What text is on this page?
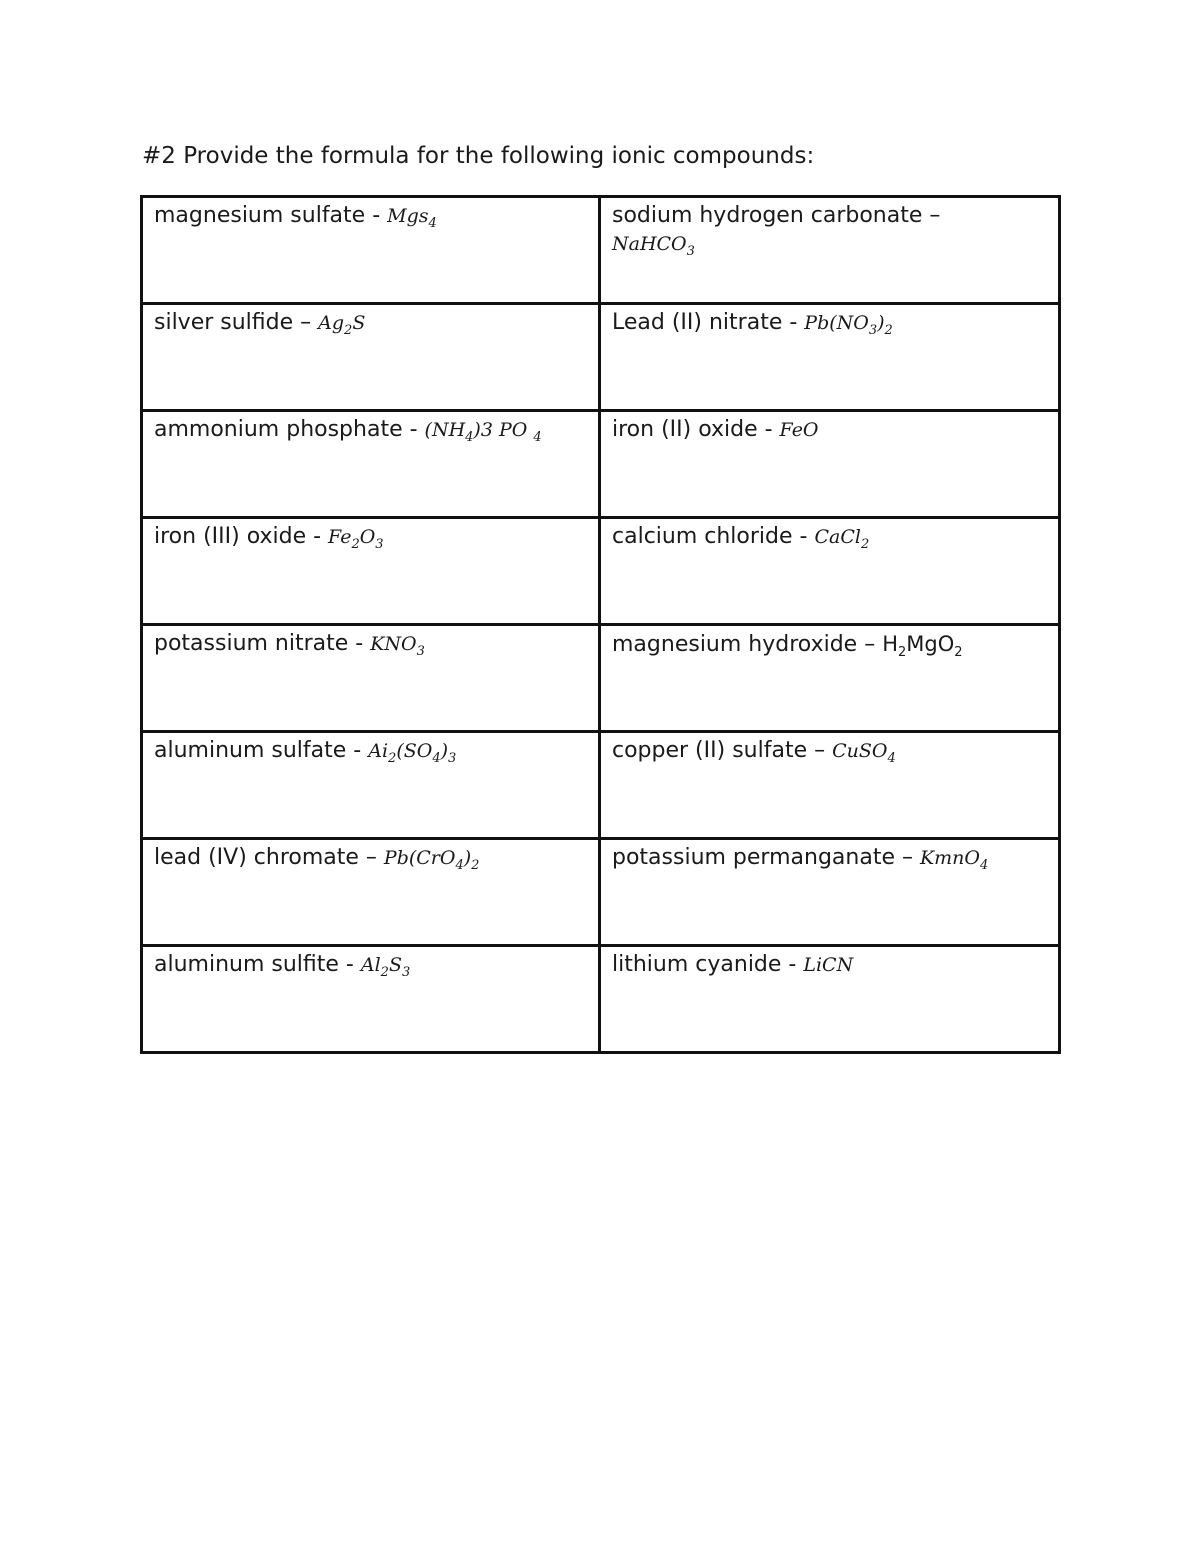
#2 Provide the formula for the following ionic compounds:
magnesium sulfate - Mgs$_4$	sodium hydrogen carbonate –
NaHCO$_3$
silver sulfide – $Ag_2S$	Lead (II) nitrate - $Pb(NO_3)_2$
ammonium phosphate - $(NH_4)3$ PO $_4$	iron (II) oxide - FeO
iron (III) oxide - $Fe_2O_3$	calcium chloride - CaCl$_2$
potassium nitrate - $KNO_3$	magnesium hydroxide – $H_2MgO_2$
aluminum sulfate - $Ai_2(SO_4)_3$	copper (II) sulfate – CuSO$_4$
lead (IV) chromate – $Pb(CrO_4)_2$	potassium permanganate – KmnO$_4$
aluminum sulfite - $Al_2S_3$	lithium cyanide - LiCN
